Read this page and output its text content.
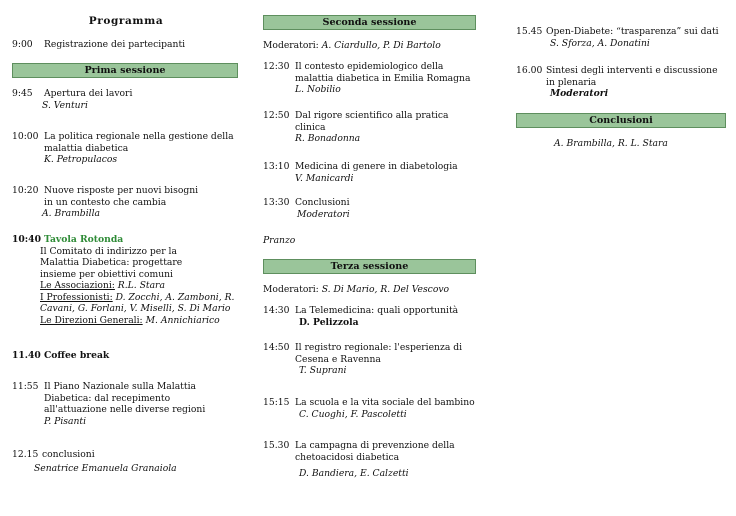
Programma
9:00	Registrazione dei partecipanti
Prima sessione
9:45	Apertura dei lavori
S. Venturi
10:00 La politica regionale nella gestione della malattia diabetica
K. Petropulacos
10:20 Nuove risposte per nuovi bisogni in un contesto che cambia
A. Brambilla
10:40 Tavola Rotonda
Il Comitato di indirizzo per la Malattia Diabetica: progettare insieme per obiettivi comuni
Le Associazioni: R.L. Stara
I Professionisti: D. Zocchi, A. Zamboni, R. Cavani, G. Forlani, V. Miselli, S. Di Mario
Le Direzioni Generali: M. Annichiarico
11.40 Coffee break
11:55 Il Piano Nazionale sulla Malattia Diabetica: dal recepimento all'attuazione nelle diverse regioni
P. Pisanti
12.15 conclusioni
Senatrice Emanuela Granaiola
Seconda sessione
Moderatori: A. Ciardullo, P. Di Bartolo
12:30 Il contesto epidemiologico della malattia diabetica in Emilia Romagna
L. Nobilio
12:50 Dal rigore scientifico alla pratica clinica
R. Bonadonna
13:10 Medicina di genere in diabetologia
V. Manicardi
13:30 Conclusioni
Moderatori
Pranzo
Terza sessione
Moderatori: S. Di Mario, R. Del Vescovo
14:30 La Telemedicina: quali opportunità
D. Pelizzola
14:50 Il registro regionale: l'esperienza di Cesena e Ravenna
T. Suprani
15:15 La scuola e la vita sociale del bambino
C. Cuoghi, F. Pascoletti
15.30 La campagna di prevenzione della chetoacidosi diabetica
D. Bandiera, E. Calzetti
15.45 Open-Diabete: “trasparenza” sui dati
S. Sforza, A. Donatini
16.00 Sintesi degli interventi e discussione in plenaria
Moderatori
Conclusioni
A. Brambilla, R. L. Stara
